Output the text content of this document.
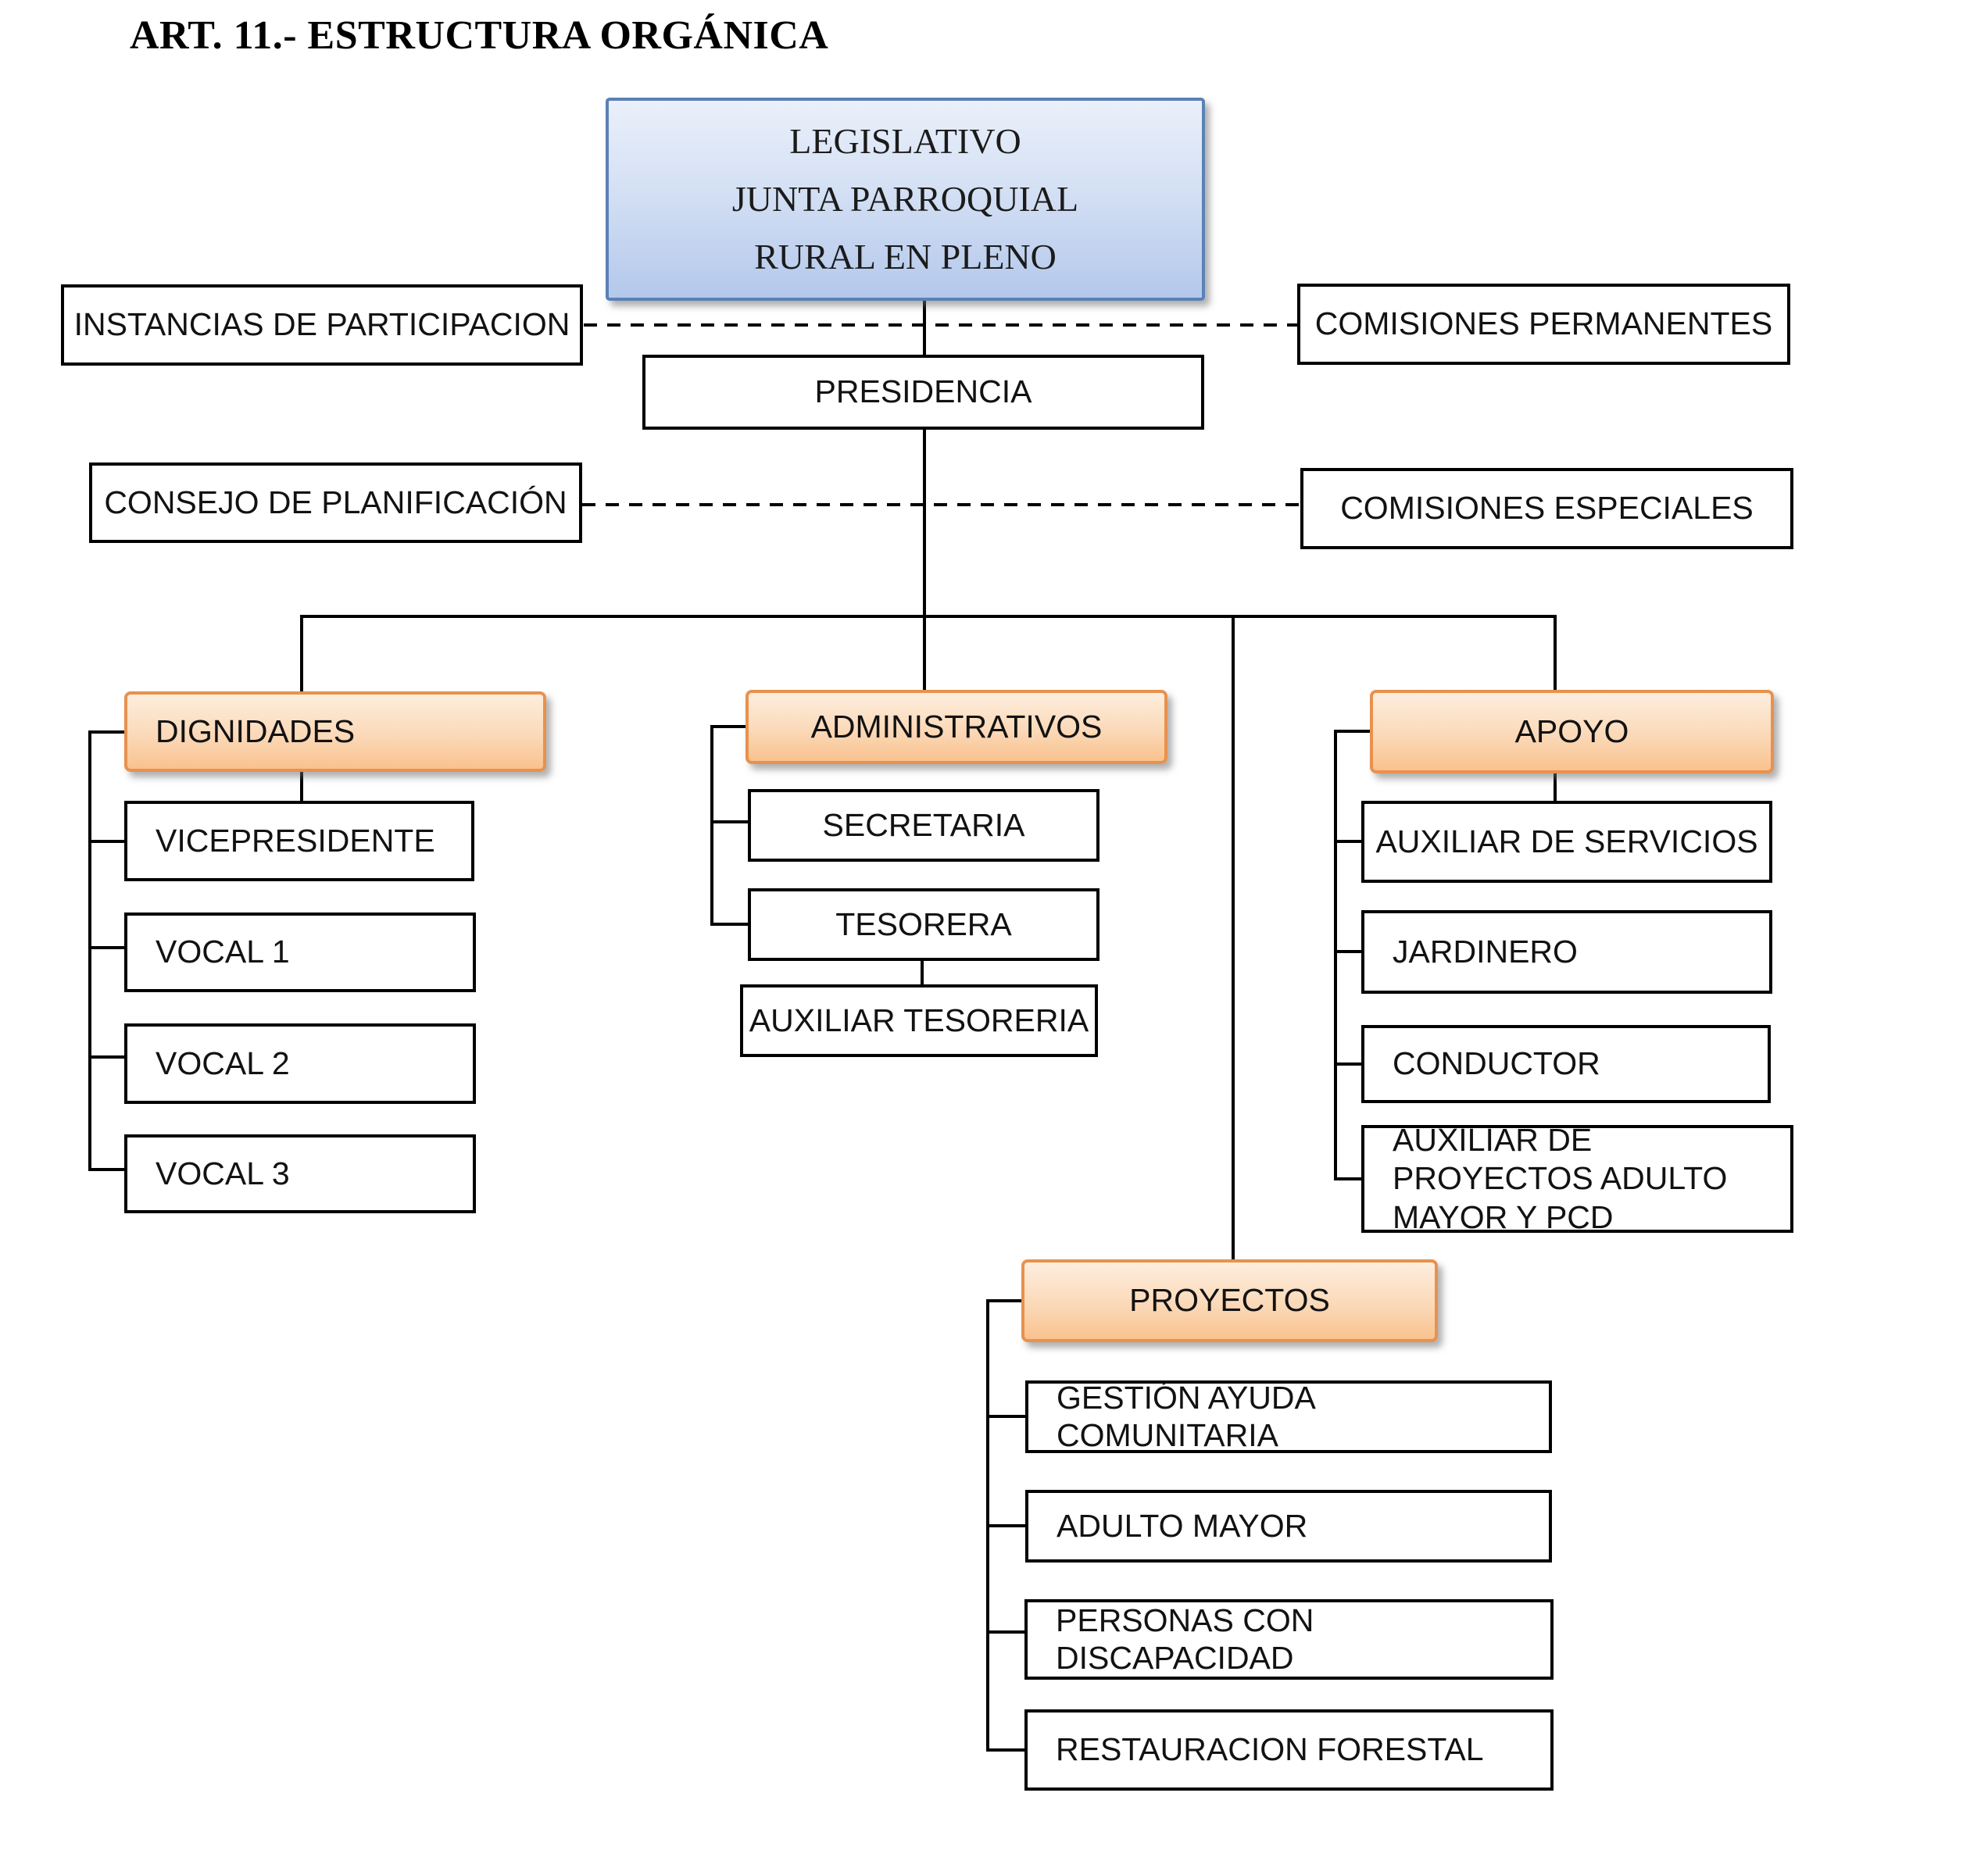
ART. 11.- ESTRUCTURA ORGÁNICA
LEGISLATIVO
JUNTA PARROQUIAL
RURAL EN PLENO
INSTANCIAS DE PARTICIPACION	COMISIONES PERMANENTES
PRESIDENCIA
CONSEJO DE PLANIFICACIÓN	COMISIONES ESPECIALES
DIGNIDADES
VICEPRESIDENTE
VOCAL 1
VOCAL 2
VOCAL 3
ADMINISTRATIVOS
SECRETARIA
TESORERA
AUXILIAR TESORERIA
APOYO
AUXILIAR DE SERVICIOS
JARDINERO
CONDUCTOR
AUXILIAR DE PROYECTOS ADULTO MAYOR Y PCD
PROYECTOS
GESTIÓN AYUDA COMUNITARIA
ADULTO MAYOR
PERSONAS CON DISCAPACIDAD
RESTAURACION FORESTAL
